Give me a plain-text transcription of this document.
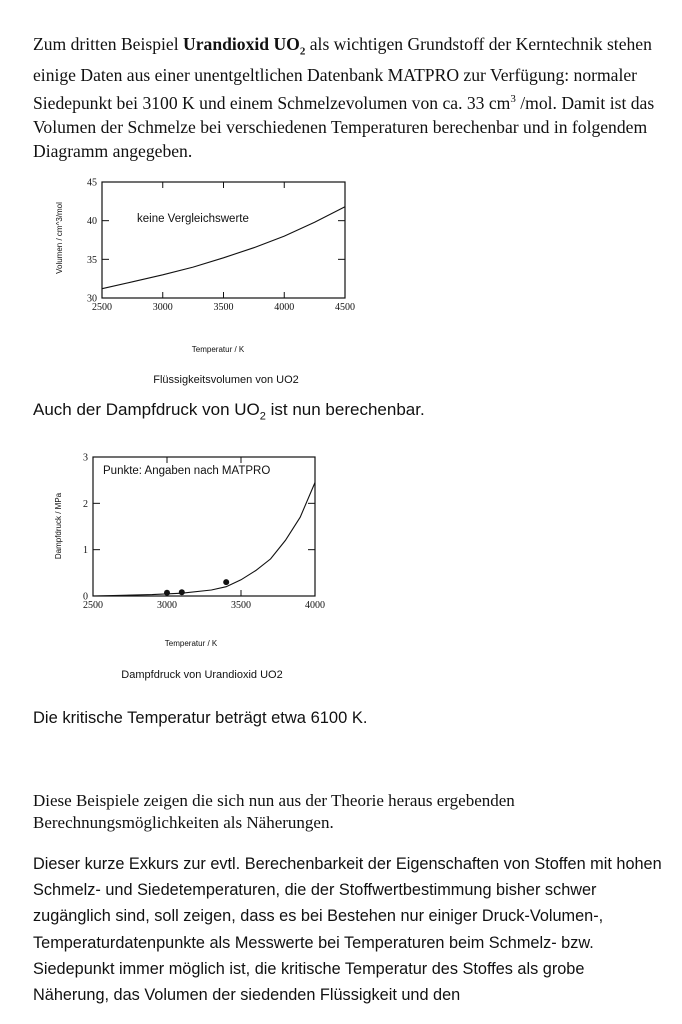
Zum dritten Beispiel Urandioxid $UO_2$ als wichtigen Grundstoff der Kerntechnik stehen einige Daten aus einer unentgeltlichen Datenbank MATPRO zur Verfügung: normaler Siedepunkt bei 3100 K und einem Schmelzevolumen von ca. 33 $cm^3$ /mol. Damit ist das Volumen der Schmelze bei verschiedenen Temperaturen berechenbar und in folgendem Diagramm angegeben.

2500	3000	3500	4000	4500
30
35
40
45
keine Vergleichswerte
Temperatur / K
Volumen / cm^3/mol
Flüssigkeitsvolumen von UO2

Auch der Dampfdruck von $UO_2$ ist nun berechenbar.

2500	3000	3500	4000
0
1
2
3
Punkte: Angaben nach MATPRO
Temperatur / K
Dampfdruck / MPa
Dampfdruck von Urandioxid UO2

Die kritische Temperatur beträgt etwa 6100 K.

Diese Beispiele zeigen die sich nun aus der Theorie heraus ergebenden Berechnungsmöglichkeiten als Näherungen.

Dieser kurze Exkurs zur evtl. Berechenbarkeit der Eigenschaften von Stoffen mit hohen Schmelz- und Siedetemperaturen, die der Stoffwertbestimmung bisher schwer zugänglich sind, soll zeigen, dass es bei Bestehen nur einiger Druck-Volumen-, Temperaturdatenpunkte als Messwerte bei Temperaturen beim Schmelz- bzw. Siedepunkt immer möglich ist, die kritische Temperatur des Stoffes als grobe Näherung, das Volumen der siedenden Flüssigkeit und den
